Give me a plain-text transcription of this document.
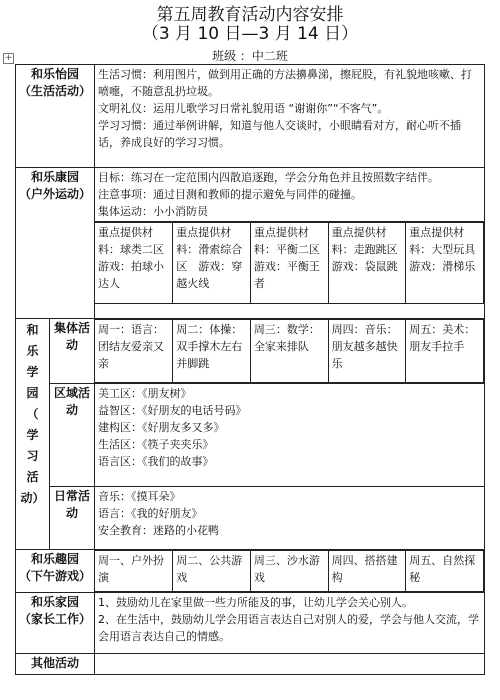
第五周教育活动内容安排
（3 月 10 日—3 月 14 日）
班级 ：中二班
+
和乐怡园
（生活活动）

生活习惯：利用图片，做到用正确的方法擤鼻涕，擦屁股，有礼貌地咳嗽、打喷嚏，不随意乱扔垃圾。
文明礼仪：运用儿歌学习日常礼貌用语 “谢谢你”“不客气”。
学习习惯：通过举例讲解，知道与他人交谈时，小眼睛看对方，耐心听不插话，养成良好的学习习惯。

和乐康园
（户外运动）

目标：练习在一定范围内四散追逐跑，学会分角色并且按照数字结伴。
注意事项：通过目测和教师的提示避免与同伴的碰撞。
集体运动：小小消防员
重点提供材料：球类二区游戏：拍球小达人	重点提供材料：滑索综合区　游戏：穿越火线	重点提供材料：平衡二区游戏：平衡王者	重点提供材料：走跑跳区游戏：袋鼠跳	重点提供材料：大型玩具游戏：滑梯乐

和
乐
学
园
（
学
习
活
动）
	集体活动	
周一：语言：团结友爱亲又亲	周二：体操：双手撑木左右并脚跳	周三：数学：全家来排队	周四：音乐：朋友越多越快乐	周五：美术：朋友手拉手

区域活动	
美工区：《朋友树》
益智区：《好朋友的电话号码》
建构区：《好朋友多又多》
生活区：《筷子夹夹乐》
语言区：《我们的故事》

日常活动	
音乐：《摸耳朵》
语言：《我的好朋友》
安全教育：迷路的小花鸭

和乐趣园
（下午游戏）

周一、户外扮演	周二、公共游戏	周三、沙水游戏	周四、搭搭建构	周五、自然探秘

和乐家园
（家长工作）

1、鼓励幼儿在家里做一些力所能及的事，让幼儿学会关心别人。
2、在生活中，鼓励幼儿学会用语言表达自己对别人的爱，学会与他人交流，学会用语言表达自己的情感。

其他活动
